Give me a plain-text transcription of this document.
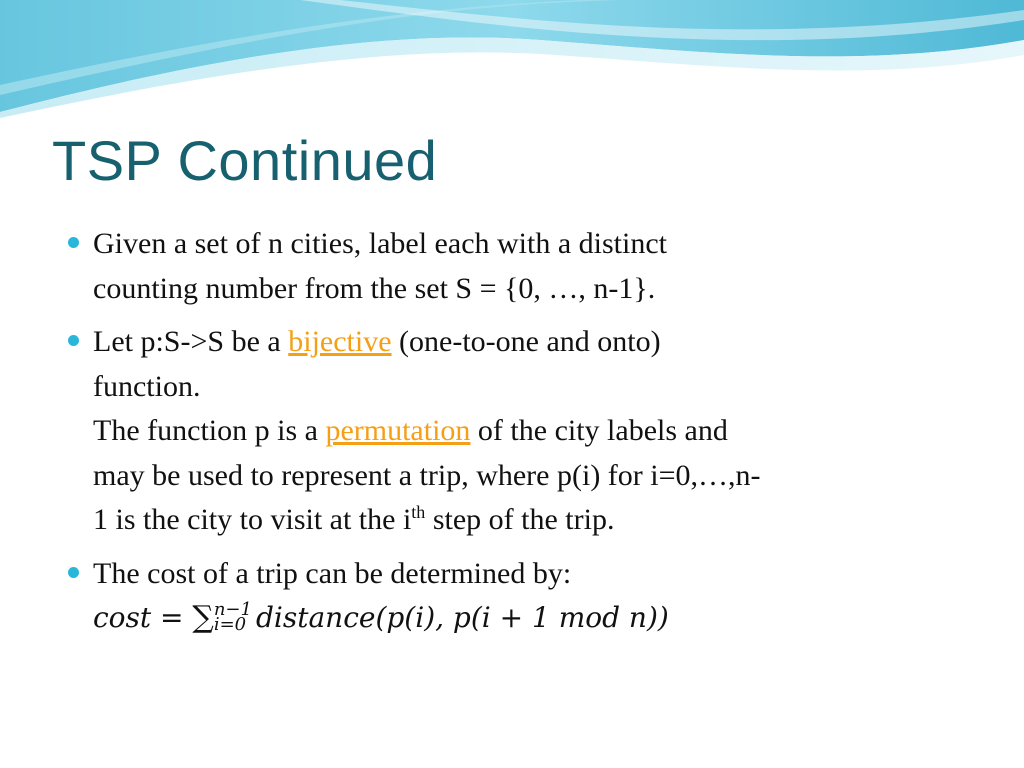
TSP Continued
Given a set of n cities, label each with a distinct
counting number from the set S = {0, …, n-1}.
Let p:S->S be a bijective (one-to-one and onto)
function.
The function p is a permutation of the city labels and
may be used to represent a trip, where p(i) for i=0,…,n-
1 is the city to visit at the $i^{th}$ step of the trip.
The cost of a trip can be determined by:
cost = ∑ n−1
i=0 distance(p(i), p(i + 1 mod n))
